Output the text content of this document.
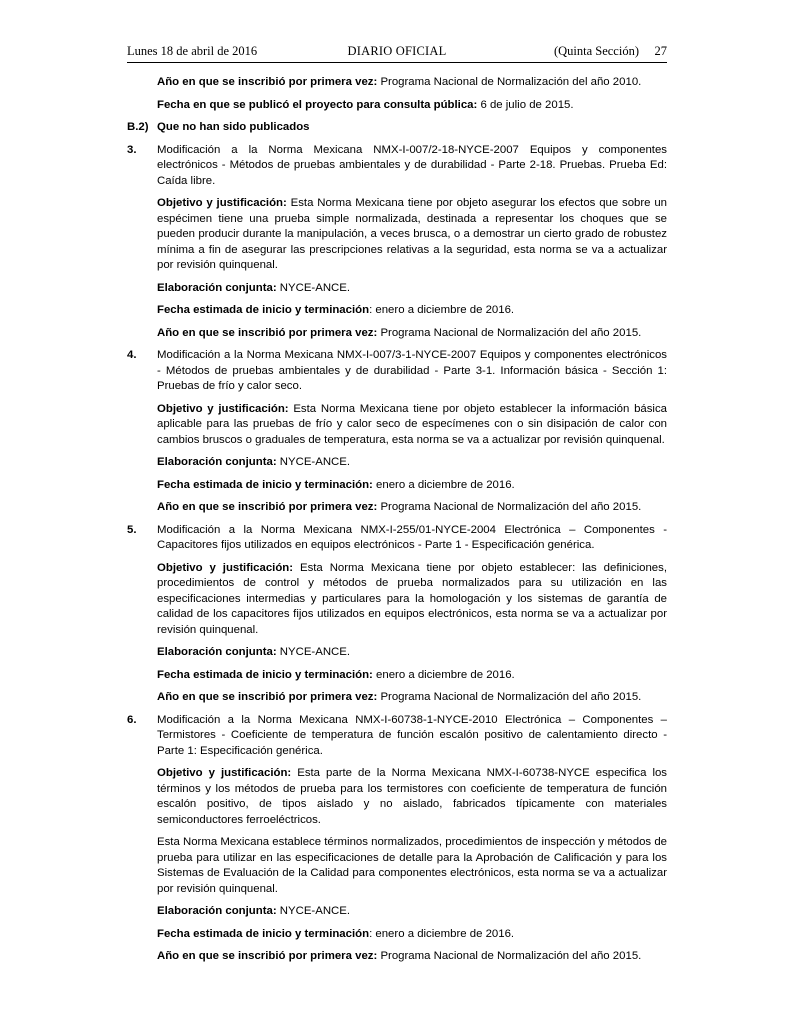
Lunes 18 de abril de 2016	DIARIO OFICIAL	(Quinta Sección) 27

Año en que se inscribió por primera vez: Programa Nacional de Normalización del año 2010.

Fecha en que se publicó el proyecto para consulta pública: 6 de julio de 2015.

B.2) Que no han sido publicados
3.	Modificación a la Norma Mexicana NMX-I-007/2-18-NYCE-2007 Equipos y componentes electrónicos - Métodos de pruebas ambientales y de durabilidad - Parte 2-18. Pruebas. Prueba Ed: Caída libre.

Objetivo y justificación: Esta Norma Mexicana tiene por objeto asegurar los efectos que sobre un espécimen tiene una prueba simple normalizada, destinada a representar los choques que se pueden producir durante la manipulación, a veces brusca, o a demostrar un cierto grado de robustez mínima a fin de asegurar las prescripciones relativas a la seguridad, esta norma se va a actualizar por revisión quinquenal.

Elaboración conjunta: NYCE-ANCE.

Fecha estimada de inicio y terminación: enero a diciembre de 2016.

Año en que se inscribió por primera vez: Programa Nacional de Normalización del año 2015.

4.	Modificación a la Norma Mexicana NMX-I-007/3-1-NYCE-2007 Equipos y componentes electrónicos - Métodos de pruebas ambientales y de durabilidad - Parte 3-1. Información básica - Sección 1: Pruebas de frío y calor seco.

Objetivo y justificación: Esta Norma Mexicana tiene por objeto establecer la información básica aplicable para las pruebas de frío y calor seco de especímenes con o sin disipación de calor con cambios bruscos o graduales de temperatura, esta norma se va a actualizar por revisión quinquenal.

Elaboración conjunta: NYCE-ANCE.

Fecha estimada de inicio y terminación: enero a diciembre de 2016.

Año en que se inscribió por primera vez: Programa Nacional de Normalización del año 2015.

5.	Modificación a la Norma Mexicana NMX-I-255/01-NYCE-2004 Electrónica – Componentes - Capacitores fijos utilizados en equipos electrónicos - Parte 1 - Especificación genérica.

Objetivo y justificación: Esta Norma Mexicana tiene por objeto establecer: las definiciones, procedimientos de control y métodos de prueba normalizados para su utilización en las especificaciones intermedias y particulares para la homologación y los sistemas de garantía de calidad de los capacitores fijos utilizados en equipos electrónicos, esta norma se va a actualizar por revisión quinquenal.

Elaboración conjunta: NYCE-ANCE.

Fecha estimada de inicio y terminación: enero a diciembre de 2016.

Año en que se inscribió por primera vez: Programa Nacional de Normalización del año 2015.

6.	Modificación a la Norma Mexicana NMX-I-60738-1-NYCE-2010 Electrónica – Componentes – Termistores - Coeficiente de temperatura de función escalón positivo de calentamiento directo - Parte 1: Especificación genérica.

Objetivo y justificación: Esta parte de la Norma Mexicana NMX-I-60738-NYCE especifica los términos y los métodos de prueba para los termistores con coeficiente de temperatura de función escalón positivo, de tipos aislado y no aislado, fabricados típicamente con materiales semiconductores ferroeléctricos.

Esta Norma Mexicana establece términos normalizados, procedimientos de inspección y métodos de prueba para utilizar en las especificaciones de detalle para la Aprobación de Calificación y para los Sistemas de Evaluación de la Calidad para componentes electrónicos, esta norma se va a actualizar por revisión quinquenal.

Elaboración conjunta: NYCE-ANCE.

Fecha estimada de inicio y terminación: enero a diciembre de 2016.

Año en que se inscribió por primera vez: Programa Nacional de Normalización del año 2015.
